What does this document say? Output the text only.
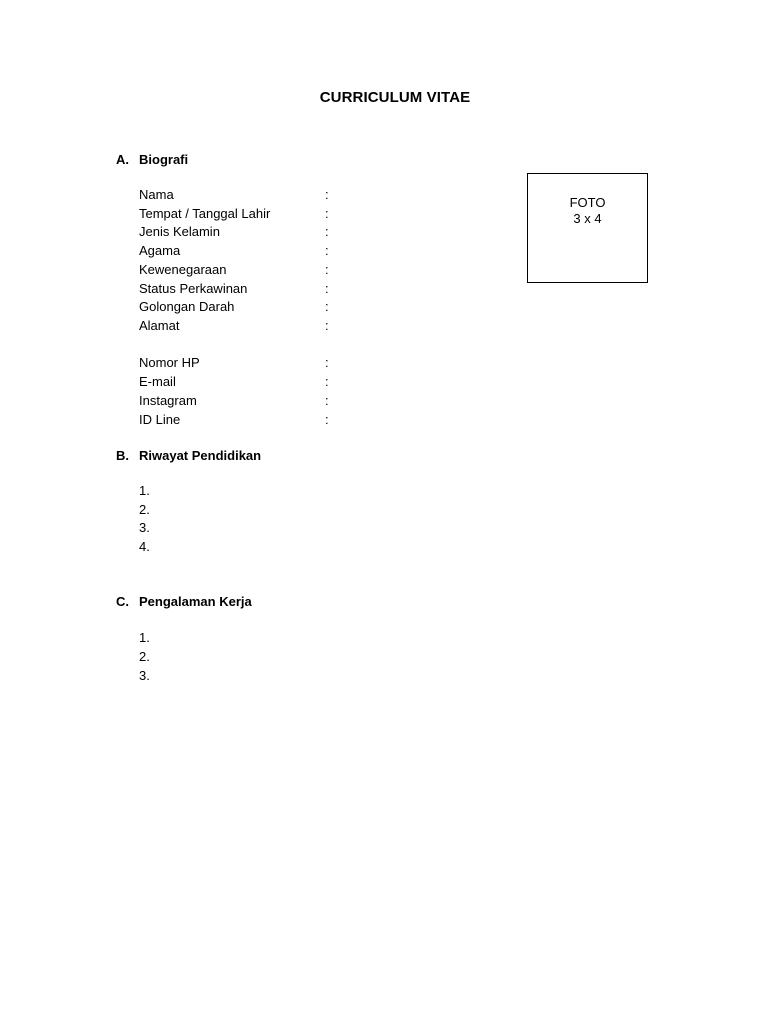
CURRICULUM VITAE
A. Biografi
Nama	:
Tempat / Tanggal Lahir	:
Jenis Kelamin	:
Agama	:
Kewenegaraan	:
Status Perkawinan	:
Golongan Darah	:
Alamat	:
Nomor HP	:
E-mail	:
Instagram	:
ID Line	:
FOTO
3 x 4
B. Riwayat Pendidikan
1.
2.
3.
4.
C. Pengalaman Kerja
1.
2.
3.
